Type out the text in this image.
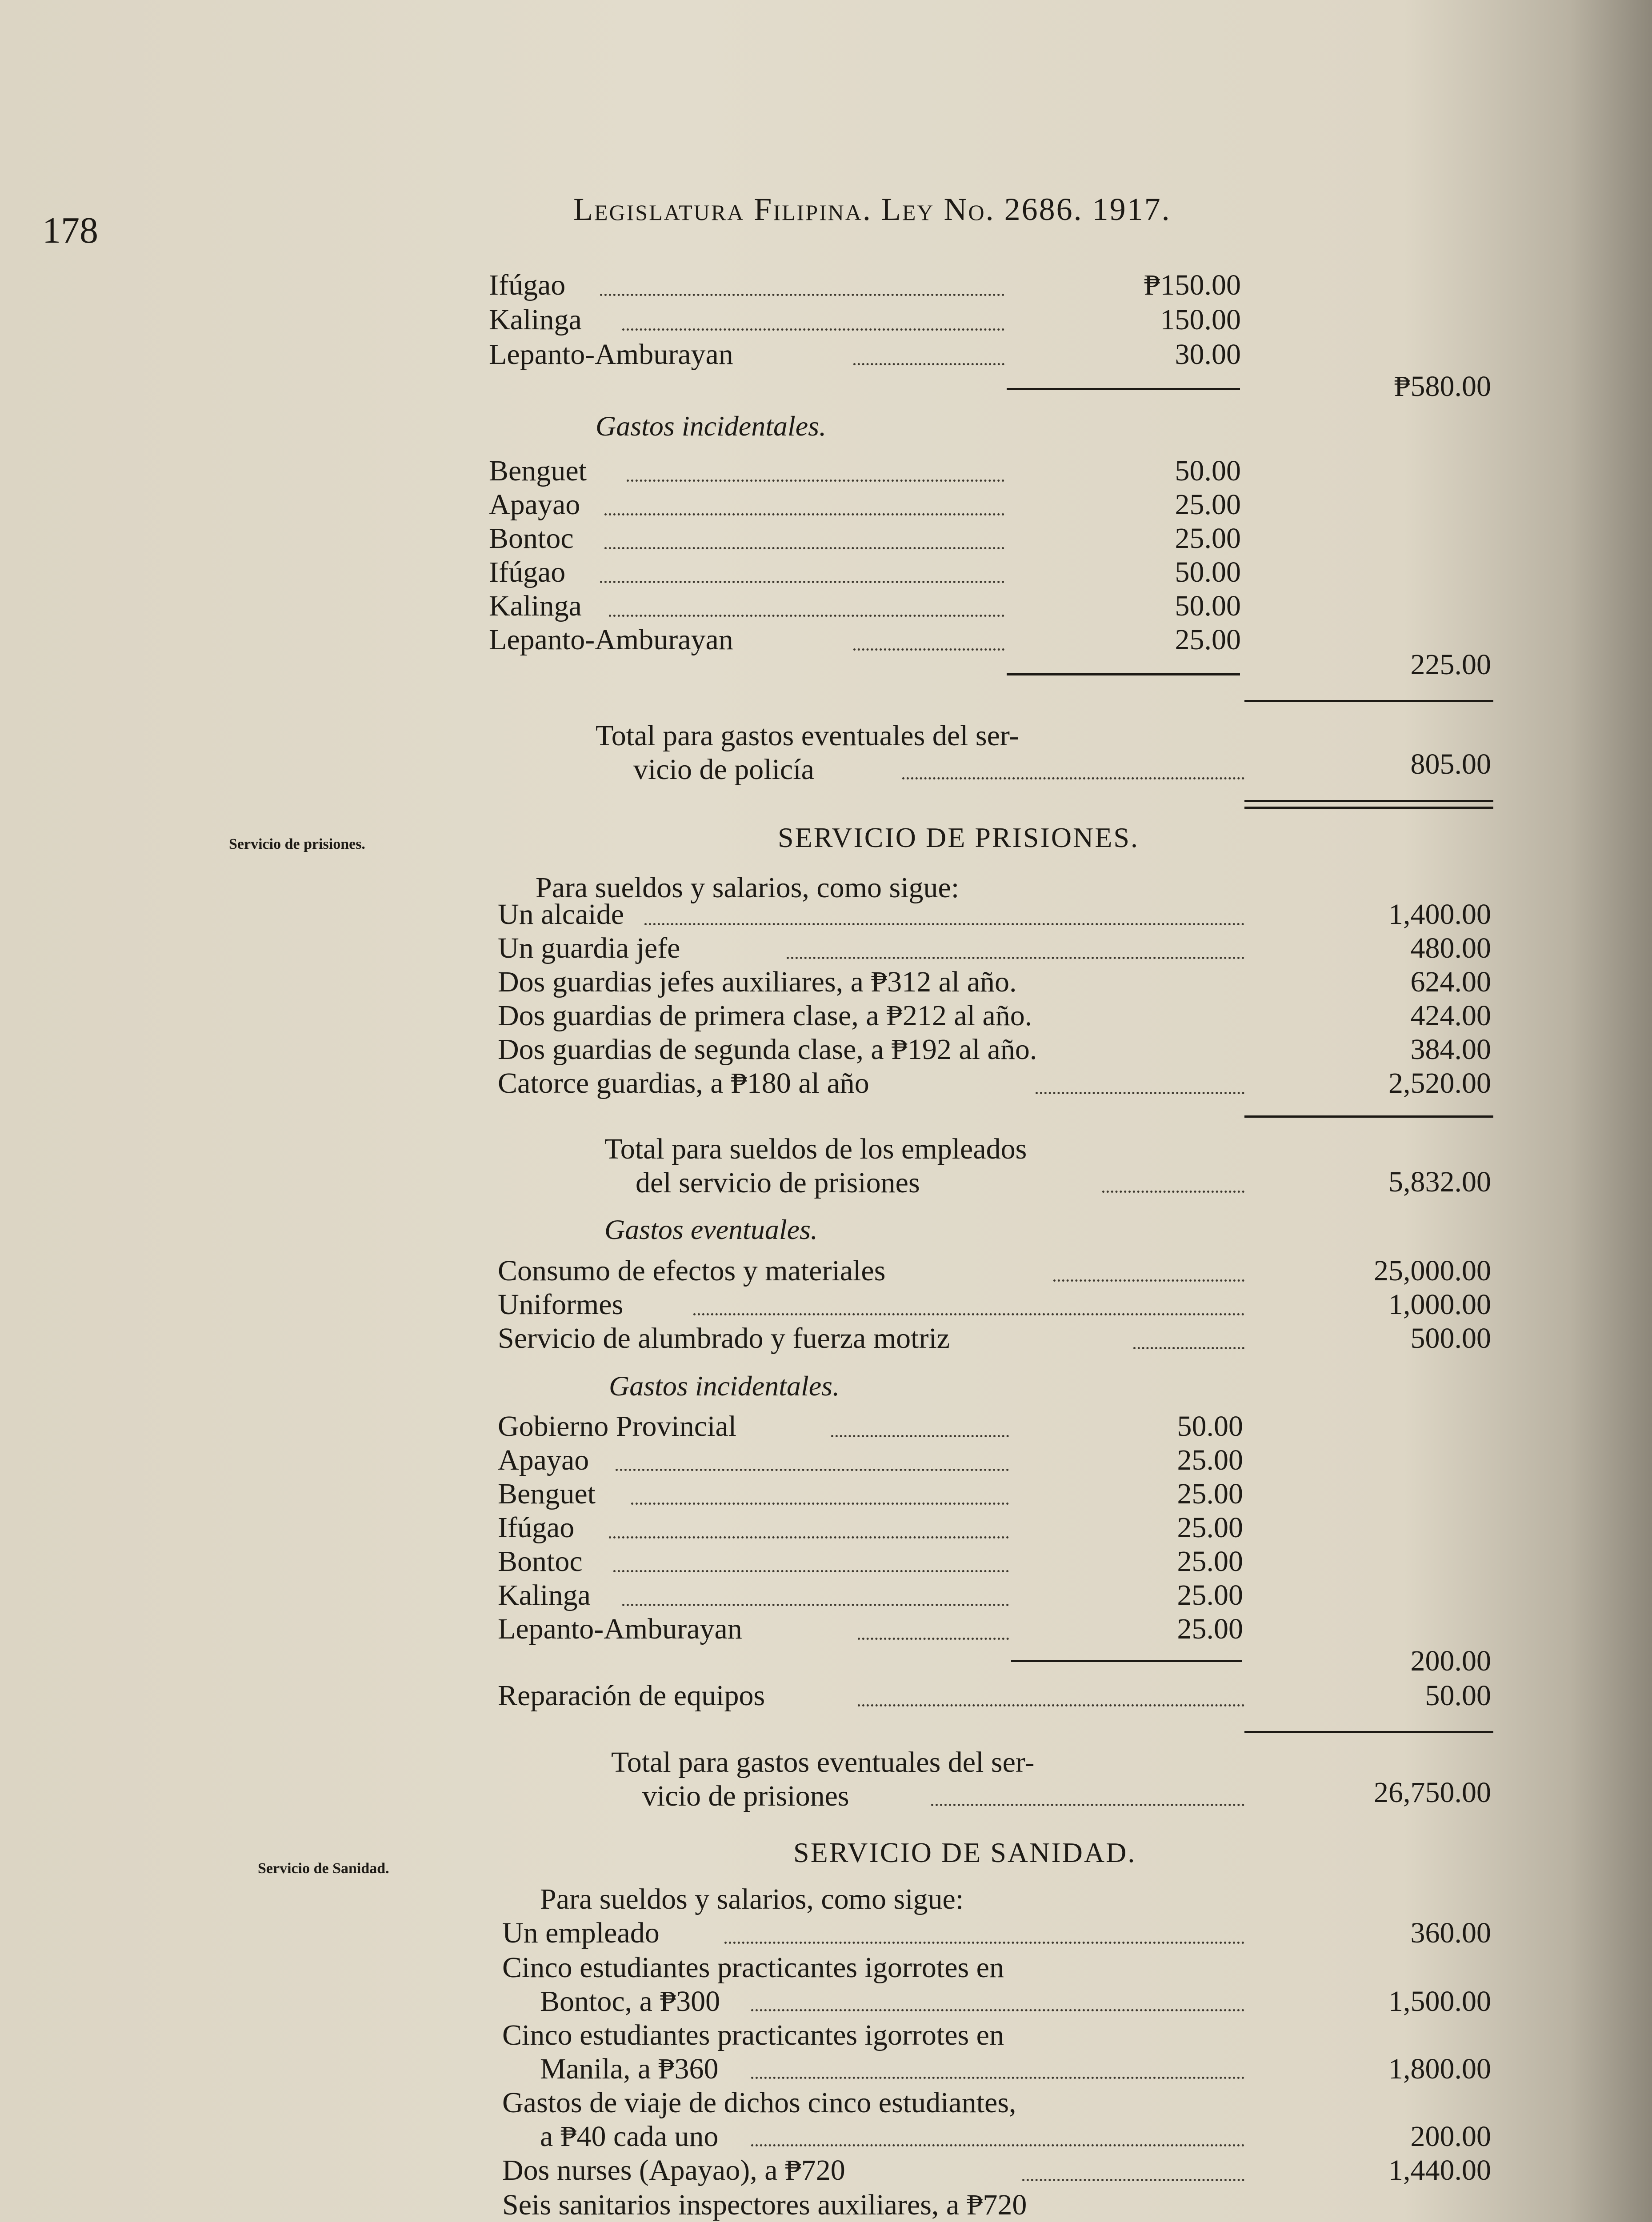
178
Legislatura Filipina. Ley No. 2686. 1917.
Ifúgao	₱150.00
Kalinga	150.00
Lepanto-Amburayan	30.00
₱580.00
Gastos incidentales.
Benguet	50.00
Apayao	25.00
Bontoc	25.00
Ifúgao	50.00
Kalinga	50.00
Lepanto-Amburayan	25.00
225.00
Total para gastos eventuales del ser-
vicio de policía	805.00
Servicio de prisiones.	SERVICIO DE PRISIONES.
Para sueldos y salarios, como sigue:
Un alcaide	1,400.00
Un guardia jefe	480.00
Dos guardias jefes auxiliares, a ₱312 al año.	624.00
Dos guardias de primera clase, a ₱212 al año.	424.00
Dos guardias de segunda clase, a ₱192 al año.	384.00
Catorce guardias, a ₱180 al año	2,520.00
Total para sueldos de los empleados
del servicio de prisiones	5,832.00
Gastos eventuales.
Consumo de efectos y materiales	25,000.00
Uniformes	1,000.00
Servicio de alumbrado y fuerza motriz	500.00
Gastos incidentales.
Gobierno Provincial	50.00
Apayao	25.00
Benguet	25.00
Ifúgao	25.00
Bontoc	25.00
Kalinga	25.00
Lepanto-Amburayan	25.00
200.00
Reparación de equipos	50.00
Total para gastos eventuales del ser-
vicio de prisiones	26,750.00
Servicio de Sanidad.
SERVICIO DE SANIDAD.
Para sueldos y salarios, como sigue:
Un empleado	360.00
Cinco estudiantes practicantes igorrotes en
Bontoc, a ₱300	1,500.00
Cinco estudiantes practicantes igorrotes en
Manila, a ₱360	1,800.00
Gastos de viaje de dichos cinco estudiantes,
a ₱40 cada uno	200.00
Dos nurses (Apayao), a ₱720	1,440.00
Seis sanitarios inspectores auxiliares, a ₱720
